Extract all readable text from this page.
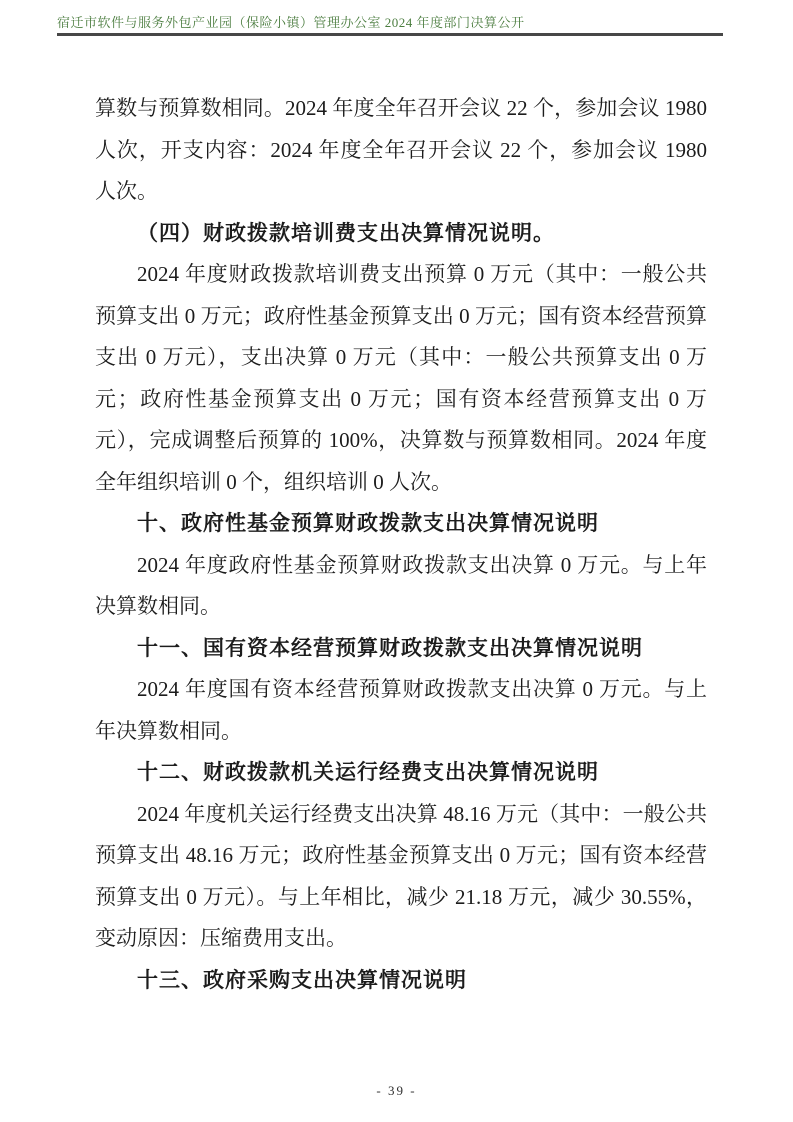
宿迁市软件与服务外包产业园（保险小镇）管理办公室 2024 年度部门决算公开

算数与预算数相同。2024 年度全年召开会议 22 个，参加会议 1980 人次，开支内容：2024 年度全年召开会议 22 个，参加会议 1980 人次。

（四）财政拨款培训费支出决算情况说明。

2024 年度财政拨款培训费支出预算 0 万元（其中：一般公共预算支出 0 万元；政府性基金预算支出 0 万元；国有资本经营预算支出 0 万元），支出决算 0 万元（其中：一般公共预算支出 0 万元；政府性基金预算支出 0 万元；国有资本经营预算支出 0 万元），完成调整后预算的 100%，决算数与预算数相同。2024 年度全年组织培训 0 个，组织培训 0 人次。

十、政府性基金预算财政拨款支出决算情况说明

2024 年度政府性基金预算财政拨款支出决算 0 万元。与上年决算数相同。

十一、国有资本经营预算财政拨款支出决算情况说明

2024 年度国有资本经营预算财政拨款支出决算 0 万元。与上年决算数相同。

十二、财政拨款机关运行经费支出决算情况说明

2024 年度机关运行经费支出决算 48.16 万元（其中：一般公共预算支出 48.16 万元；政府性基金预算支出 0 万元；国有资本经营预算支出 0 万元）。与上年相比，减少 21.18 万元，减少 30.55%，变动原因：压缩费用支出。

十三、政府采购支出决算情况说明

- 39 -
